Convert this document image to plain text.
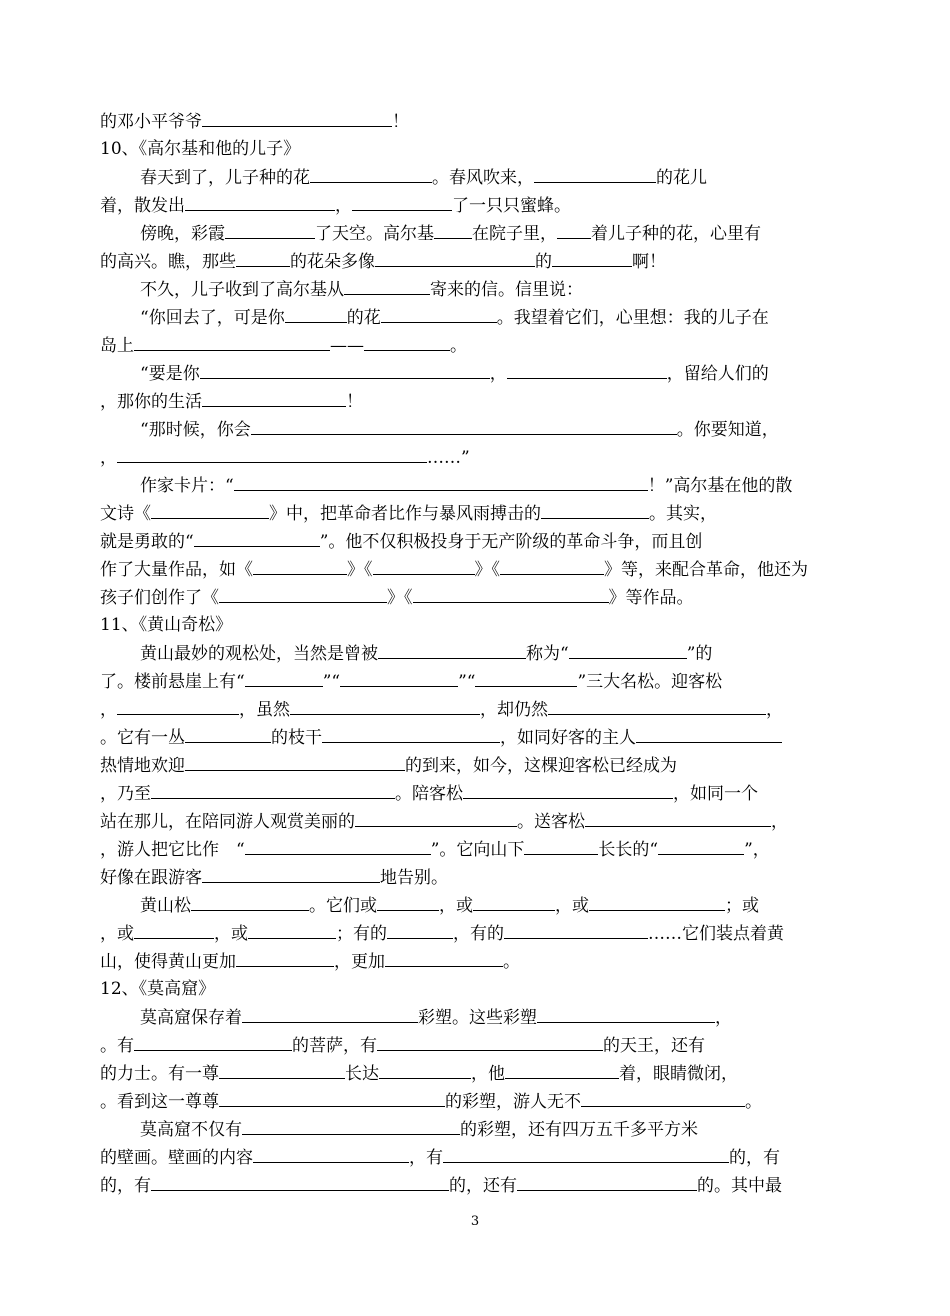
的邓小平爷爷	！
10、《高尔基和他的儿子》
春天到了，儿子种的花	。春风吹来，	的花儿
着，散发出	，	了一只只蜜蜂。
傍晚，彩霞	了天空。高尔基 在院子里， 着儿子种的花，心里有
的高兴。瞧，那些	的花朵多像	的	啊！
不久，儿子收到了高尔基从	寄来的信。信里说：
“你回去了，可是你	的花	。我望着它们，心里想：我的儿子在
岛上	——	。
“要是你	，	，留给人们的
，那你的生活	！
“那时候，你会	。你要知道，
，	……”
作家卡片：“	！”高尔基在他的散
文诗《	》中，把革命者比作与暴风雨搏击的	。其实，
就是勇敢的“	”。他不仅积极投身于无产阶级的革命斗争，而且创
作了大量作品，如《	》《	》《	》等，来配合革命，他还为
孩子们创作了《	》《	》等作品。
11、《黄山奇松》
黄山最妙的观松处，当然是曾被	称为“	”的
了。楼前悬崖上有“	”“	”“	”三大名松。迎客松
，	，虽然	，却仍然	，
。它有一丛	的枝干	，如同好客的主人
热情地欢迎	的到来，如今，这棵迎客松已经成为
，乃至	。陪客松	，如同一个
站在那儿，在陪同游人观赏美丽的	。送客松	，
，游人把它比作　“	”。它向山下	长长的“	”，
好像在跟游客	地告别。
黄山松	。它们或	，或	，或	；或
，或	，或	；有的	，有的	……它们装点着黄
山，使得黄山更加	，更加	。
12、《莫高窟》
莫高窟保存着	彩塑。这些彩塑	，
。有	的菩萨，有	的天王，还有
的力士。有一尊	长达	，他	着，眼睛微闭，
。看到这一尊尊	的彩塑，游人无不	。
莫高窟不仅有	的彩塑，还有四万五千多平方米
的壁画。壁画的内容	，有	的，有
的，有	的，还有	的。其中最
3
